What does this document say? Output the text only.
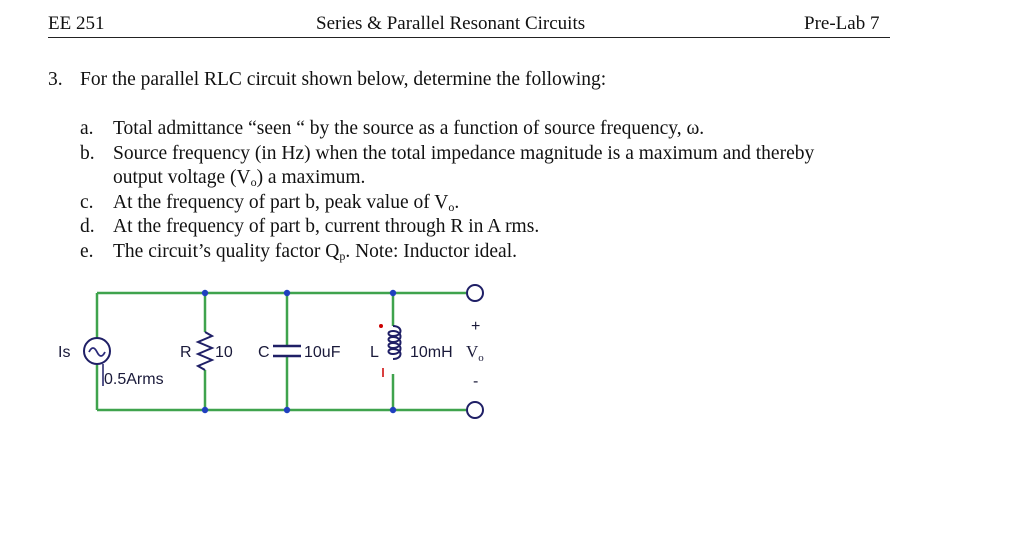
EE 251	Series & Parallel Resonant Circuits	Pre-Lab 7
3. For the parallel RLC circuit shown below, determine the following:
a. Total admittance “seen “ by the source as a function of source frequency, ω.
b. Source frequency (in Hz) when the total impedance magnitude is a maximum and thereby
output voltage $(V_o)$ a maximum.
c. At the frequency of part b, peak value of $V_o$.
d. At the frequency of part b, current through R in A rms.
e. The circuit’s quality factor $Q_p$. Note: Inductor ideal.
Is
0.5Arms
R 10 C 10uF L 10mH
+
$V_o$
-
